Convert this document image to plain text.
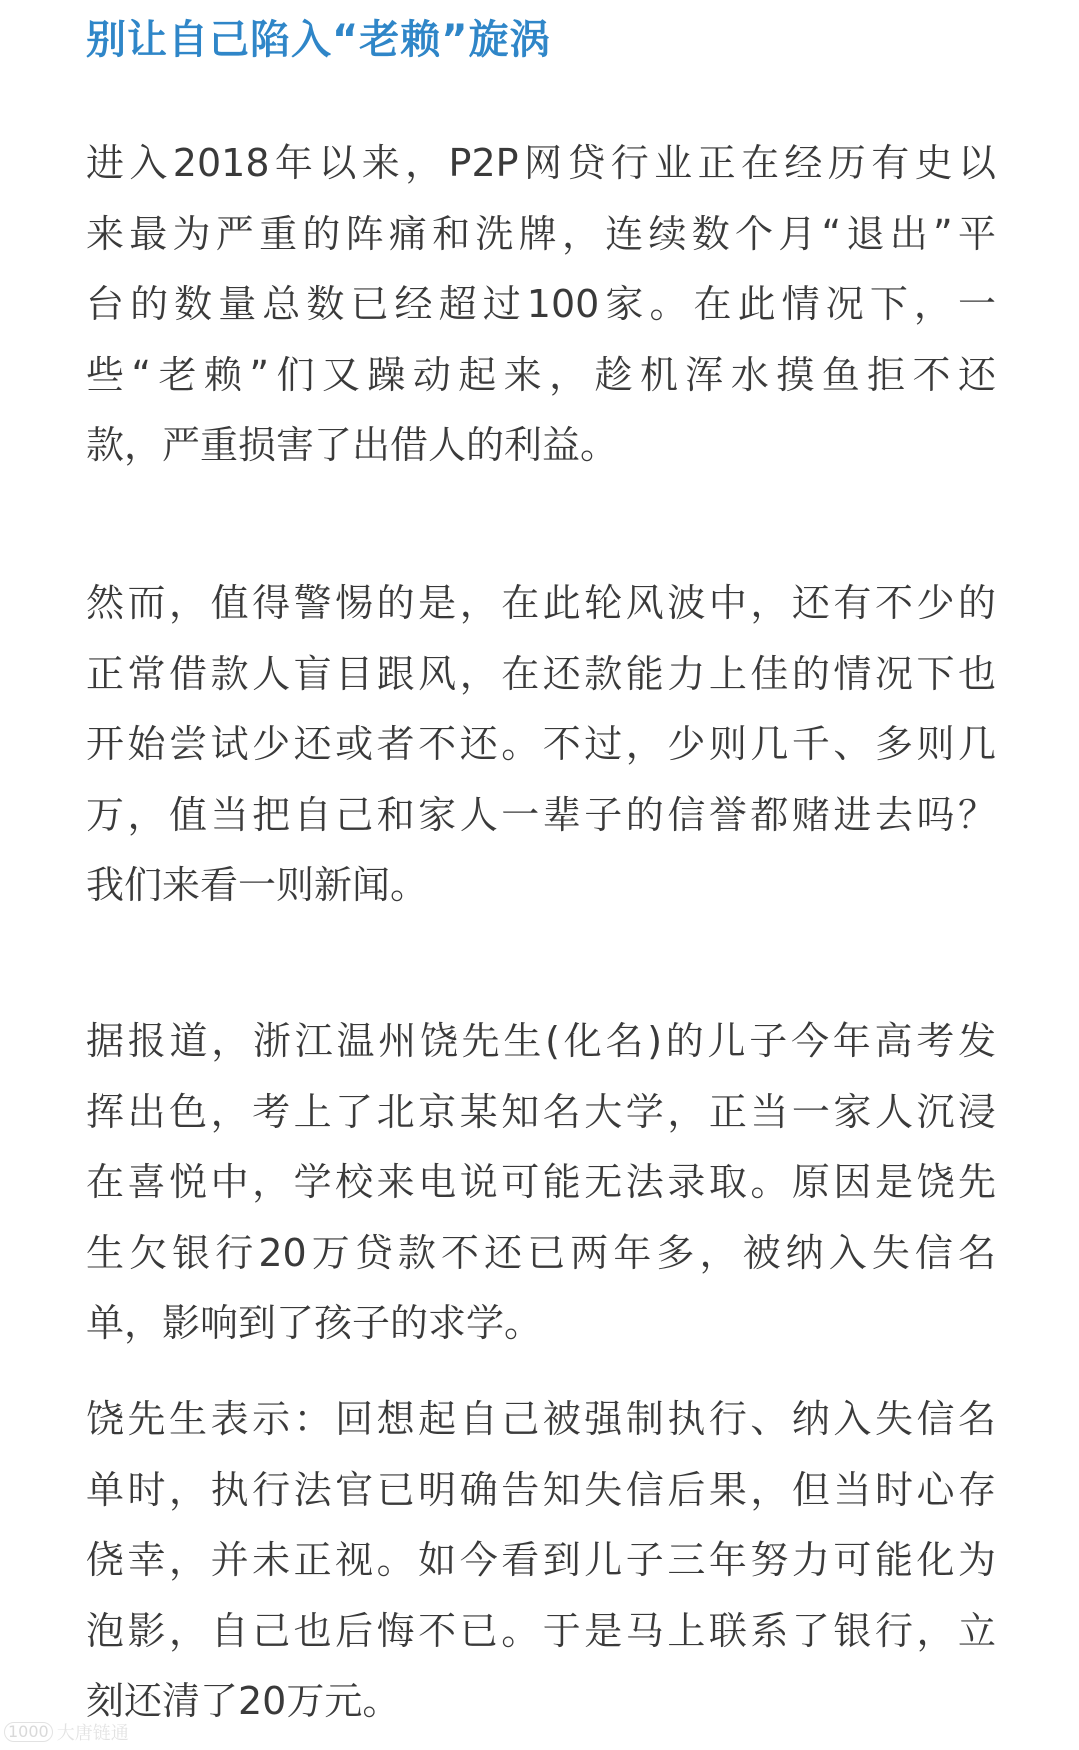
别让自己陷入“老赖”旋涡
进入2018年以来，P2P网贷行业正在经历有史以
来最为严重的阵痛和洗牌，连续数个月“退出”平
台的数量总数已经超过100家。在此情况下，一
些“老赖”们又躁动起来，趁机浑水摸鱼拒不还
款，严重损害了出借人的利益。
然而，值得警惕的是，在此轮风波中，还有不少的
正常借款人盲目跟风，在还款能力上佳的情况下也
开始尝试少还或者不还。不过，少则几千、多则几
万，值当把自己和家人一辈子的信誉都赌进去吗？
我们来看一则新闻。
据报道，浙江温州饶先生(化名)的儿子今年高考发
挥出色，考上了北京某知名大学，正当一家人沉浸
在喜悦中，学校来电说可能无法录取。原因是饶先
生欠银行20万贷款不还已两年多，被纳入失信名
单，影响到了孩子的求学。
饶先生表示：回想起自己被强制执行、纳入失信名
单时，执行法官已明确告知失信后果，但当时心存
侥幸，并未正视。如今看到儿子三年努力可能化为
泡影，自己也后悔不已。于是马上联系了银行，立
刻还清了20万元。
1000 大唐链通
